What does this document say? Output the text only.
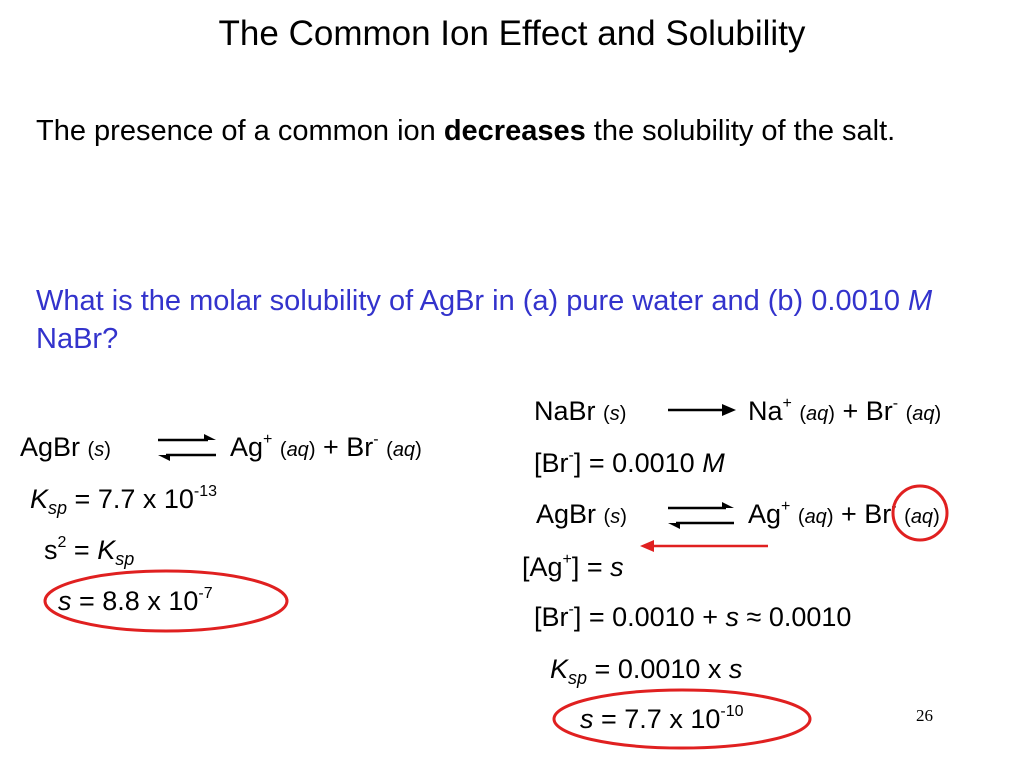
The Common Ion Effect and Solubility
The presence of a common ion decreases the solubility of the salt.
What is the molar solubility of AgBr in (a) pure water and (b) 0.0010 M NaBr?
AgBr (s)	Ag+ (aq) + Br- (aq)
$K_{sp} = 7.7$ x $10^{-13}$
$s^2 = K_{sp}$
s = 8.8 x $10^{-7}$
NaBr (s)	Na+ (aq) + Br- (aq)
[Br-] = 0.0010 M
AgBr (s)	Ag+ (aq) + Br- (aq)
[Ag+] = s
[Br-] = 0.0010 + s ≈ 0.0010
$K_{sp} = 0.0010$ x s
s = 7.7 x $10^{-10}$	26
